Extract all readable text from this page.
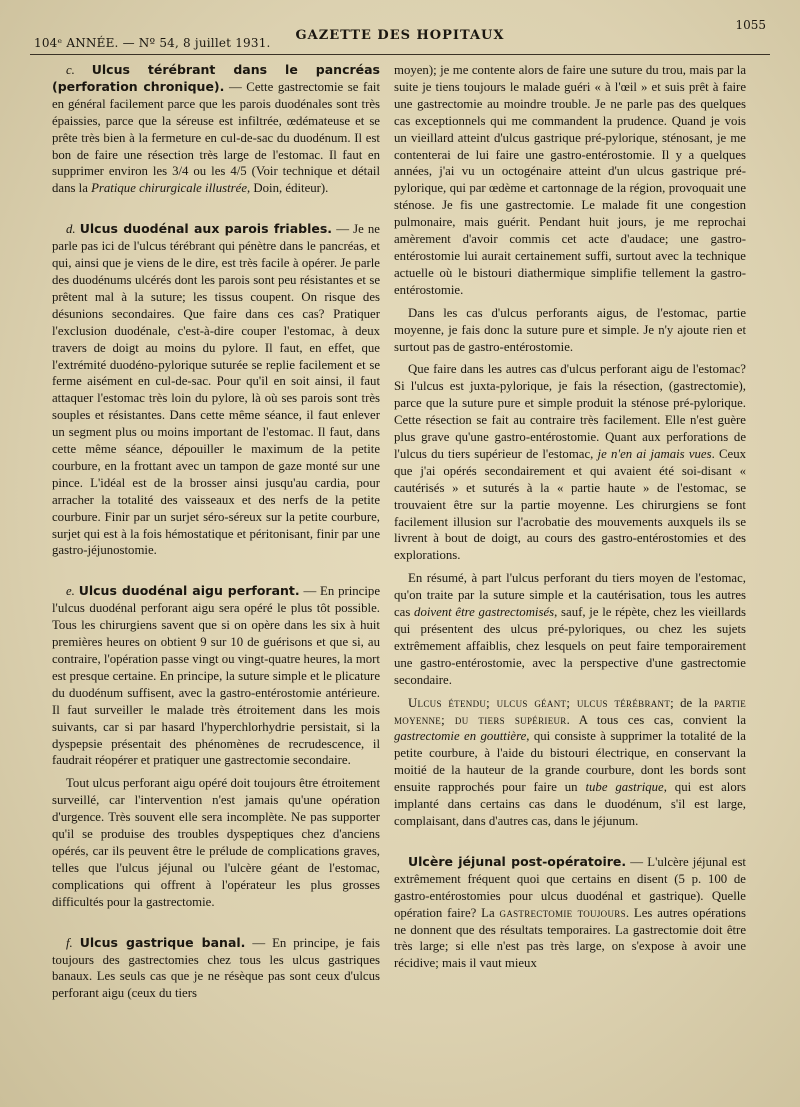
104ᵉ ANNÉE. — Nº 54, 8 juillet 1931.	GAZETTE DES HOPITAUX
1055

c. Ulcus térébrant dans le pancréas (perforation chronique). — Cette gastrectomie se fait en général facilement parce que les parois duodénales sont très épaissies, parce que la séreuse est infiltrée, œdémateuse et se prête très bien à la fermeture en cul-de-sac du duodénum. Il est bon de faire une résection très large de l'estomac. Il faut en supprimer environ les 3/4 ou les 4/5 (Voir technique et détail dans la Pratique chirurgicale illustrée, Doin, éditeur).

d. Ulcus duodénal aux parois friables. — Je ne parle pas ici de l'ulcus térébrant qui pénètre dans le pancréas, et qui, ainsi que je viens de le dire, est très facile à opérer. Je parle des duodénums ulcérés dont les parois sont peu résistantes et se prêtent mal à la suture; les tissus coupent. On risque des désunions secondaires. Que faire dans ces cas? Pratiquer l'exclusion duodénale, c'est-à-dire couper l'estomac, à deux travers de doigt au moins du pylore. Il faut, en effet, que l'extrémité duodéno-pylorique suturée se replie facilement et se ferme aisément en cul-de-sac. Pour qu'il en soit ainsi, il faut attaquer l'estomac très loin du pylore, là où ses parois sont très souples et résistantes. Dans cette même séance, il faut enlever un segment plus ou moins important de l'estomac. Il faut, dans cette même séance, dépouiller le maximum de la petite courbure, en la frottant avec un tampon de gaze monté sur une pince. L'idéal est de la brosser ainsi jusqu'au cardia, pour arracher la totalité des vaisseaux et des nerfs de la petite courbure. Finir par un surjet séro-séreux sur la petite courbure, surjet qui est à la fois hémostatique et péritonisant, finir par une gastro-jéjunostomie.

e. Ulcus duodénal aigu perforant. — En principe l'ulcus duodénal perforant aigu sera opéré le plus tôt possible. Tous les chirurgiens savent que si on opère dans les six à huit premières heures on obtient 9 sur 10 de guérisons et que si, au contraire, l'opération passe vingt ou vingt-quatre heures, la mort est presque certaine. En principe, la suture simple et le plicature du duodénum suffisent, avec la gastro-entérostomie antérieure. Il faut surveiller le malade très étroitement dans les mois suivants, car si par hasard l'hyperchlorhydrie persistait, si la dyspepsie présentait des phénomènes de recrudescence, il faudrait réopérer et pratiquer une gastrectomie secondaire.

Tout ulcus perforant aigu opéré doit toujours être étroitement surveillé, car l'intervention n'est jamais qu'une opération d'urgence. Très souvent elle sera incomplète. Ne pas supporter qu'il se produise des troubles dyspeptiques chez d'anciens opérés, car ils peuvent être le prélude de complications graves, telles que l'ulcus jéjunal ou l'ulcère géant de l'estomac, complications qui offrent à l'opérateur les plus grosses difficultés pour la gastrectomie.

f. Ulcus gastrique banal. — En principe, je fais toujours des gastrectomies chez tous les ulcus gastriques banaux. Les seuls cas que je ne résèque pas sont ceux d'ulcus perforant aigu (ceux du tiers

moyen); je me contente alors de faire une suture du trou, mais par la suite je tiens toujours le malade guéri « à l'œil » et suis prêt à faire une gastrectomie au moindre trouble. Je ne parle pas des quelques cas exceptionnels qui me commandent la prudence. Quand je vois un vieillard atteint d'ulcus gastrique pré-pylorique, sténosant, je me contenterai de lui faire une gastro-entérostomie. Il y a quelques années, j'ai vu un octogénaire atteint d'un ulcus gastrique pré-pylorique, qui par œdème et cartonnage de la région, provoquait une sténose. Je fis une gastrectomie. Le malade fit une congestion pulmonaire, mais guérit. Pendant huit jours, je me reprochai amèrement d'avoir commis cet acte d'audace; une gastro-entérostomie lui aurait certainement suffi, surtout avec la technique actuelle où le bistouri diathermique simplifie tellement la gastro-entérostomie.

Dans les cas d'ulcus perforants aigus, de l'estomac, partie moyenne, je fais donc la suture pure et simple. Je n'y ajoute rien et surtout pas de gastro-entérostomie.

Que faire dans les autres cas d'ulcus perforant aigu de l'estomac? Si l'ulcus est juxta-pylorique, je fais la résection, (gastrectomie), parce que la suture pure et simple produit la sténose pré-pylorique. Cette résection se fait au contraire très facilement. Elle n'est guère plus grave qu'une gastro-entérostomie. Quant aux perforations de l'ulcus du tiers supérieur de l'estomac, je n'en ai jamais vues. Ceux que j'ai opérés secondairement et qui avaient été soi-disant « cautérisés » et suturés à la « partie haute » de l'estomac, se trouvaient être sur la partie moyenne. Les chirurgiens se font facilement illusion sur l'acrobatie des mouvements auxquels ils se livrent à bout de doigt, au cours des gastro-entérostomies et des explorations.

En résumé, à part l'ulcus perforant du tiers moyen de l'estomac, qu'on traite par la suture simple et la cautérisation, tous les autres cas doivent être gastrectomisés, sauf, je le répète, chez les vieillards qui présentent des ulcus pré-pyloriques, ou chez les sujets extrêmement affaiblis, chez lesquels on peut faire temporairement une gastro-entérostomie, avec la perspective d'une gastrectomie secondaire.

Ulcus étendu; ulcus géant; ulcus térébrant; de la partie moyenne; du tiers supérieur. A tous ces cas, convient la gastrectomie en gouttière, qui consiste à supprimer la totalité de la petite courbure, à l'aide du bistouri électrique, en conservant la moitié de la hauteur de la grande courbure, dont les bords sont ensuite rapprochés pour faire un tube gastrique, qui est alors implanté dans certains cas dans le duodénum, s'il est large, complaisant, dans d'autres cas, dans le jéjunum.

Ulcère jéjunal post-opératoire. — L'ulcère jéjunal est extrêmement fréquent quoi que certains en disent (5 p. 100 de gastro-entérostomies pour ulcus duodénal et gastrique). Quelle opération faire? La gastrectomie toujours. Les autres opérations ne donnent que des résultats temporaires. La gastrectomie doit être très large; si elle n'est pas très large, on s'expose à avoir une récidive; mais il vaut mieux
